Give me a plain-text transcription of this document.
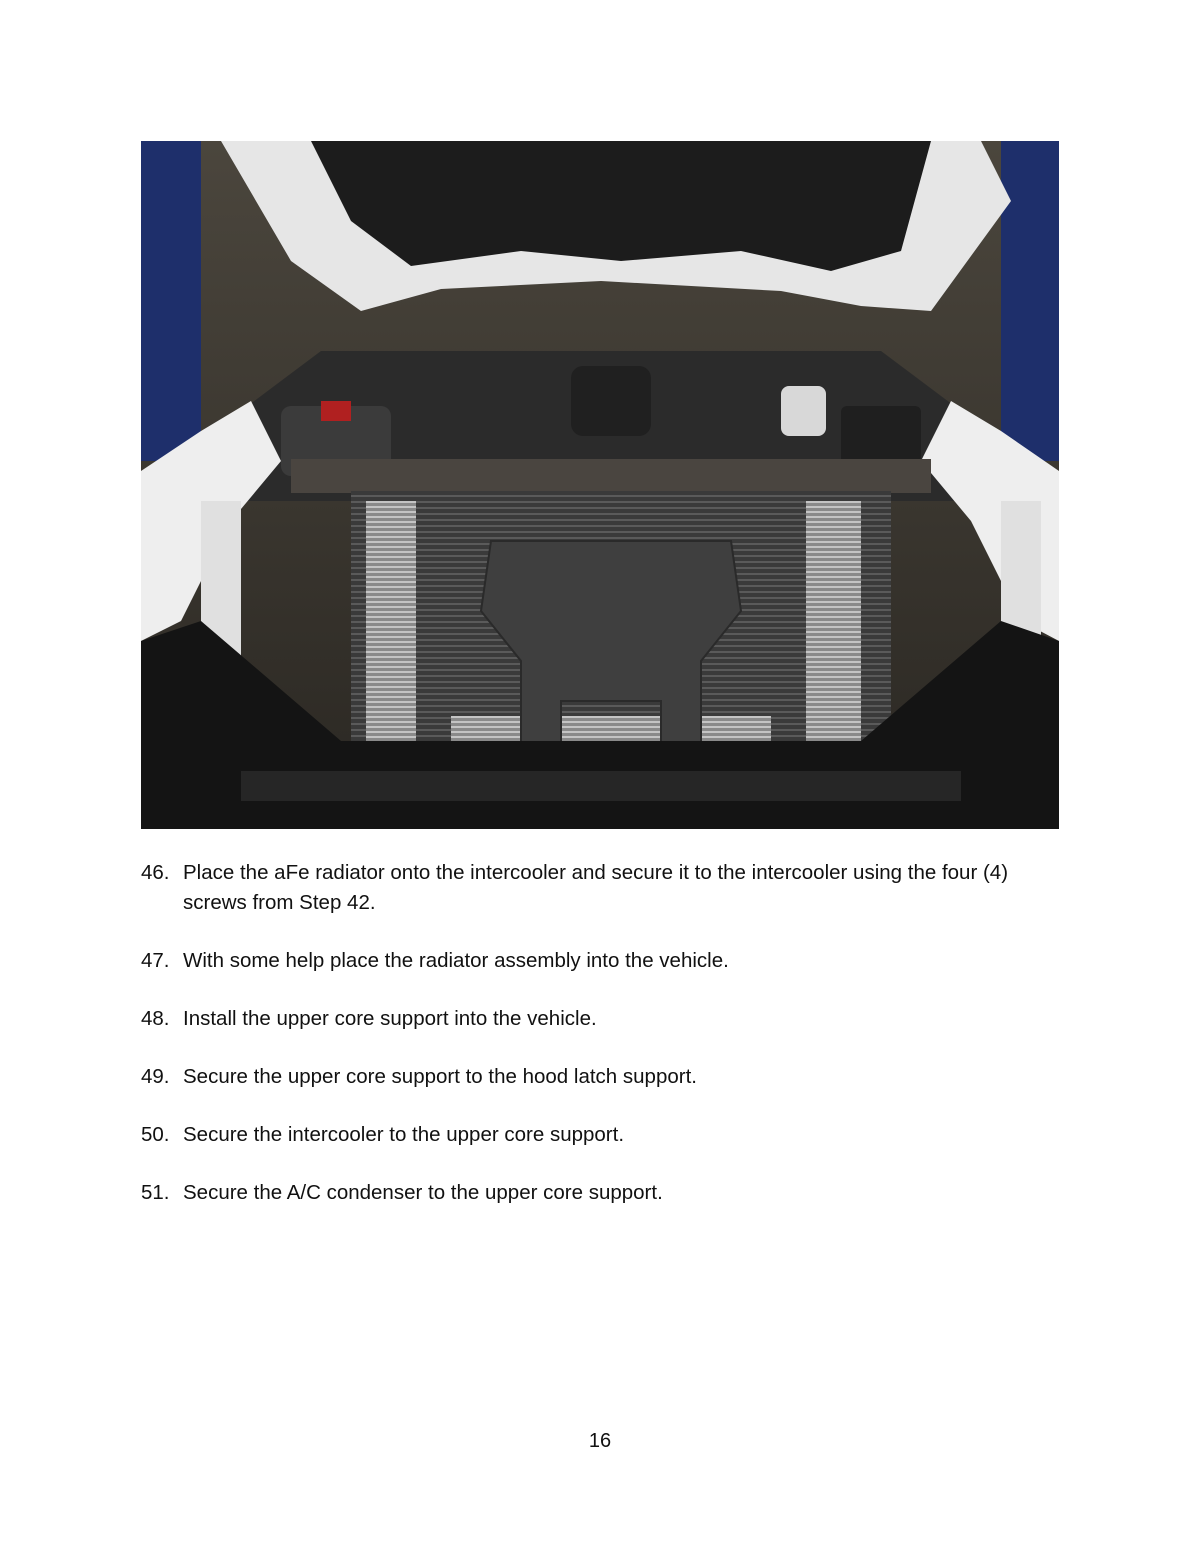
46. Place the aFe radiator onto the intercooler and secure it to the intercooler using the four (4) screws from Step 42.
47. With some help place the radiator assembly into the vehicle.
48. Install the upper core support into the vehicle.
49. Secure the upper core support to the hood latch support.
50. Secure the intercooler to the upper core support.
51. Secure the A/C condenser to the upper core support.
16
